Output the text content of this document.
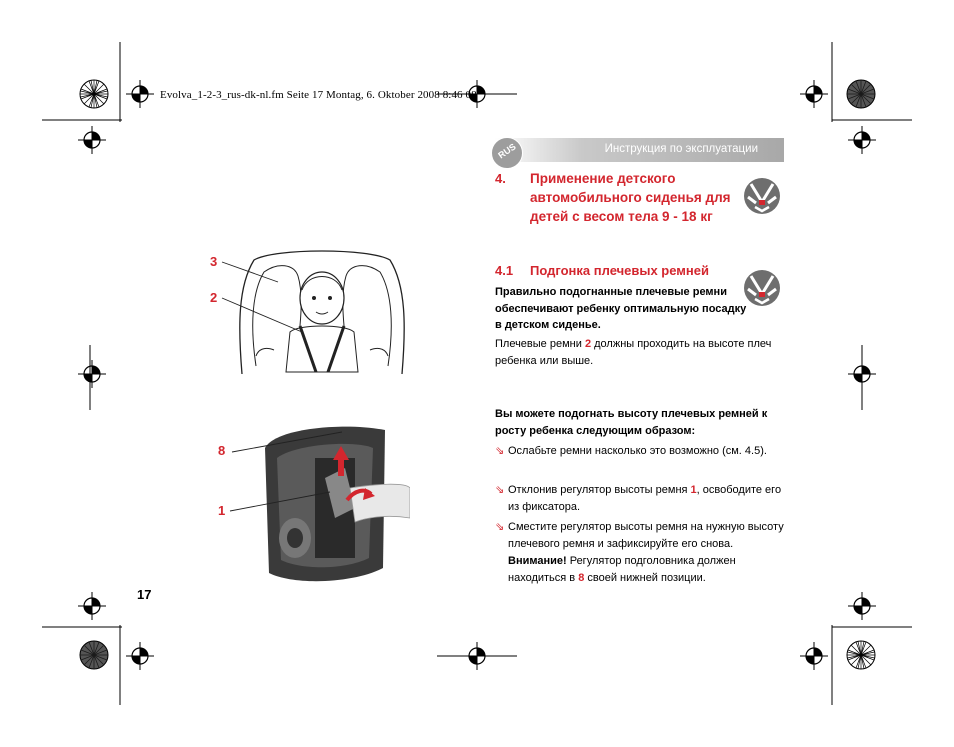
Evolva_1-2-3_rus-dk-nl.fm Seite 17 Montag, 6. Oktober 2008 8:46 08
Инструкция по эксплуатации
RUS
4. Применение детского автомобильного сиденья для детей с весом тела 9 - 18 кг
4.1 Подгонка плечевых ремней
Правильно подогнанные плечевые ремни обеспечивают ребенку оптимальную посадку в детском сиденье.
Плечевые ремни 2 должны проходить на высоте плеч ребенка или выше.
Вы можете подогнать высоту плечевых ремней к росту ребенка следующим образом:
⇘ Ослабьте ремни насколько это возможно (см. 4.5).
⇘ Отклонив регулятор высоты ремня 1, освободите его из фиксатора.
⇘ Сместите регулятор высоты ремня на нужную высоту плечевого ремня и зафиксируйте его снова.
Внимание! Регулятор подголовника должен находиться в 8 своей нижней позиции.
17
3
2
8
1
